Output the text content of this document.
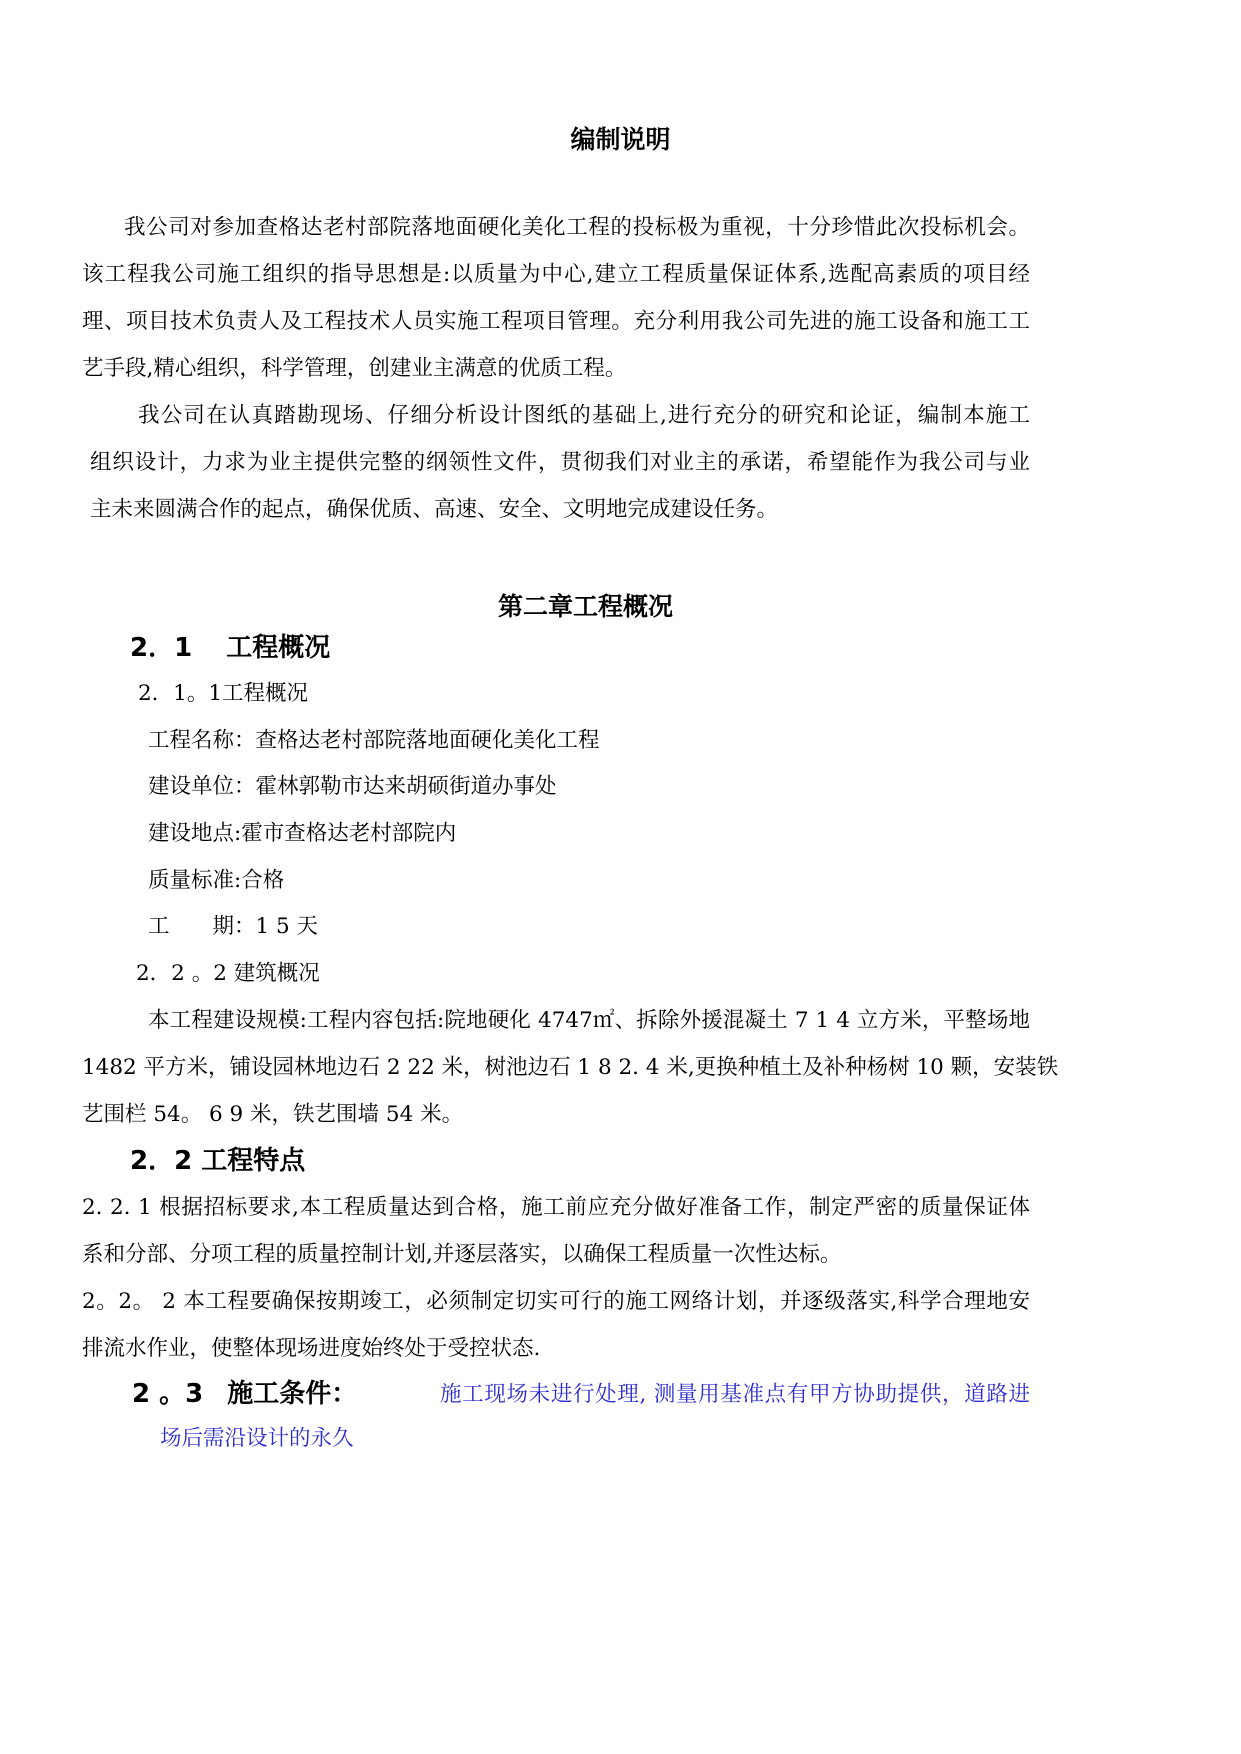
编制说明
我公司对参加查格达老村部院落地面硬化美化工程的投标极为重视，十分珍惜此次投标机会。
该工程我公司施工组织的指导思想是:以质量为中心,建立工程质量保证体系,选配高素质的项目经
理、项目技术负责人及工程技术人员实施工程项目管理。充分利用我公司先进的施工设备和施工工
艺手段,精心组织，科学管理，创建业主满意的优质工程。
我公司在认真踏勘现场、仔细分析设计图纸的基础上,进行充分的研究和论证，编制本施工
组织设计，力求为业主提供完整的纲领性文件，贯彻我们对业主的承诺，希望能作为我公司与业
主未来圆满合作的起点，确保优质、高速、安全、文明地完成建设任务。
第二章工程概况
2．1 工程概况
2．1。1工程概况
工程名称：查格达老村部院落地面硬化美化工程
建设单位：霍林郭勒市达来胡硕街道办事处
建设地点:霍市查格达老村部院内
质量标准:合格
工　　期：1 5 天
2．2 。2 建筑概况
本工程建设规模:工程内容包括:院地硬化 4747㎡、拆除外援混凝土 7 1 4 立方米，平整场地
1482 平方米，铺设园林地边石 2 22 米，树池边石 1 8 2. 4 米,更换种植土及补种杨树 10 颗，安装铁
艺围栏 54。 6 9 米，铁艺围墙 54 米。
2．2 工程特点
2. 2. 1 根据招标要求,本工程质量达到合格，施工前应充分做好准备工作，制定严密的质量保证体
系和分部、分项工程的质量控制计划,并逐层落实，以确保工程质量一次性达标。
2。2。 2 本工程要确保按期竣工，必须制定切实可行的施工网络计划，并逐级落实,科学合理地安
排流水作业，使整体现场进度始终处于受控状态.
2 。3 施工条件：	施工现场未进行处理, 测量用基准点有甲方协助提供，道路进
场后需沿设计的永久
